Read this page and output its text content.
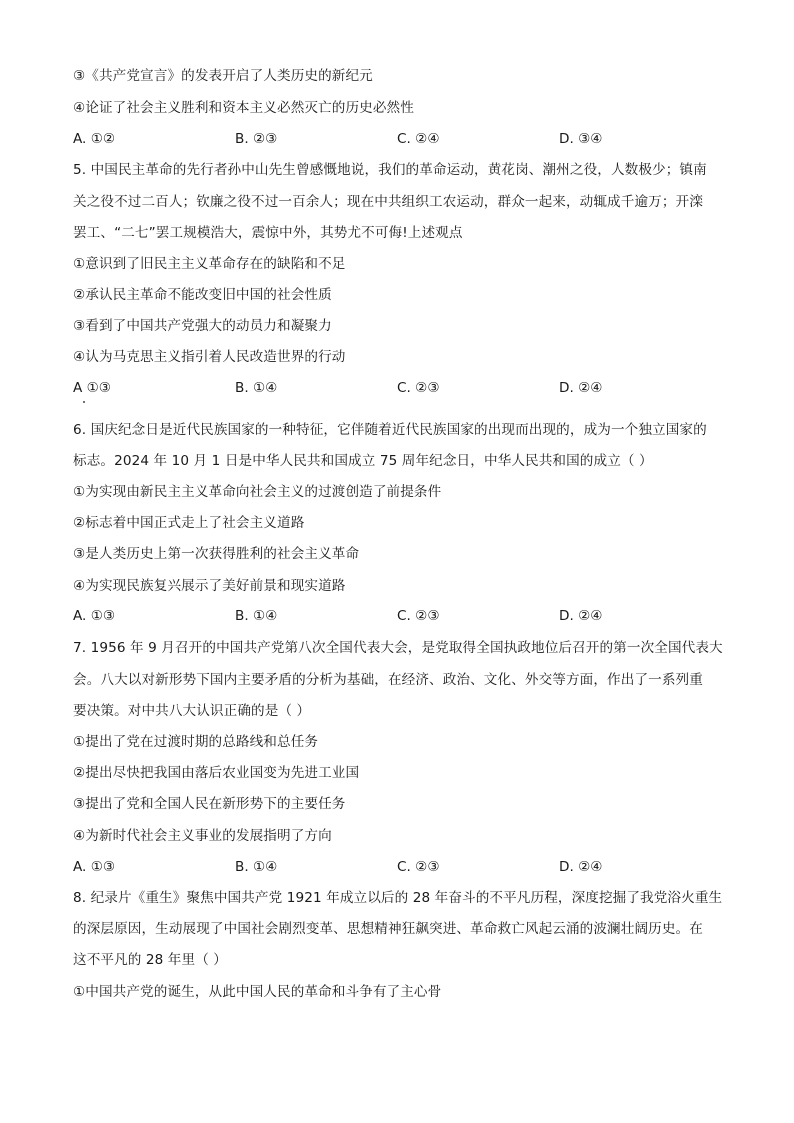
③《共产党宣言》的发表开启了人类历史的新纪元
④论证了社会主义胜利和资本主义必然灭亡的历史必然性
A. ①②	B. ②③	C. ②④	D. ③④
5. 中国民主革命的先行者孙中山先生曾感慨地说，我们的革命运动，黄花岗、潮州之役，人数极少；镇南
关之役不过二百人；钦廉之役不过一百余人；现在中共组织工农运动，群众一起来，动辄成千逾万；开滦
罢工、“二七”罢工规模浩大，震惊中外，其势尤不可侮!上述观点
①意识到了旧民主主义革命存在的缺陷和不足
②承认民主革命不能改变旧中国的社会性质
③看到了中国共产党强大的动员力和凝聚力
④认为马克思主义指引着人民改造世界的行动
A ①③	B. ①④	C. ②③	D. ②④
6. 国庆纪念日是近代民族国家的一种特征，它伴随着近代民族国家的出现而出现的，成为一个独立国家的
标志。2024 年 10 月 1 日是中华人民共和国成立 75 周年纪念日，中华人民共和国的成立（ ）
①为实现由新民主主义革命向社会主义的过渡创造了前提条件
②标志着中国正式走上了社会主义道路
③是人类历史上第一次获得胜利的社会主义革命
④为实现民族复兴展示了美好前景和现实道路
A. ①③	B. ①④	C. ②③	D. ②④
7. 1956 年 9 月召开的中国共产党第八次全国代表大会，是党取得全国执政地位后召开的第一次全国代表大
会。八大以对新形势下国内主要矛盾的分析为基础，在经济、政治、文化、外交等方面，作出了一系列重
要决策。对中共八大认识正确的是（ ）
①提出了党在过渡时期的总路线和总任务
②提出尽快把我国由落后农业国变为先进工业国
③提出了党和全国人民在新形势下的主要任务
④为新时代社会主义事业的发展指明了方向
A. ①③	B. ①④	C. ②③	D. ②④
8. 纪录片《重生》聚焦中国共产党 1921 年成立以后的 28 年奋斗的不平凡历程，深度挖掘了我党浴火重生
的深层原因，生动展现了中国社会剧烈变革、思想精神狂飙突进、革命救亡风起云涌的波澜壮阔历史。在
这不平凡的 28 年里（ ）
①中国共产党的诞生，从此中国人民的革命和斗争有了主心骨
